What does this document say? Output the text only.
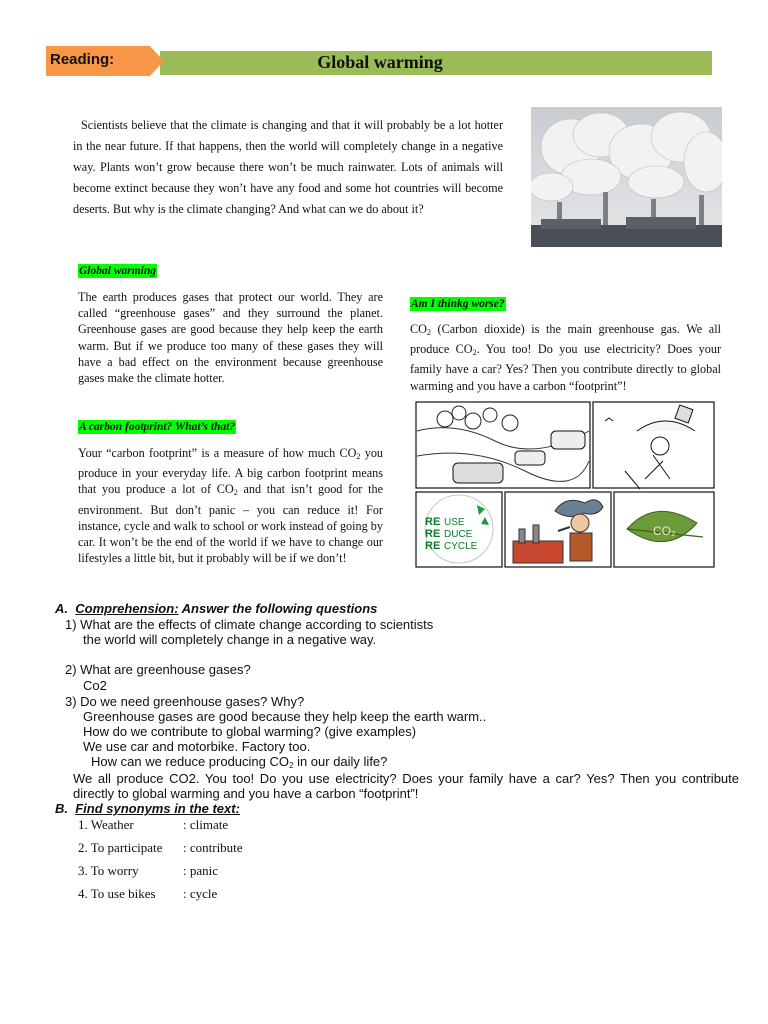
Reading:	Global warming
Scientists believe that the climate is changing and that it will probably be a lot hotter in the near future. If that happens, then the world will completely change in a negative way. Plants won’t grow because there won’t be much rainwater. Lots of animals will become extinct because they won’t have any food and some hot countries will become deserts. But why is the climate changing? And what can we do about it?
Global warming
The earth produces gases that protect our world. They are called “greenhouse gases” and they surround the planet. Greenhouse gases are good because they help keep the earth warm. But if we produce too many of these gases they will have a bad effect on the environment because greenhouse gases make the climate hotter.
Am I thinkg worse?
$CO_2$ (Carbon dioxide) is the main greenhouse gas. We all produce $CO_2$. You too! Do you use electricity? Does your family have a car? Yes? Then you contribute directly to global warming and you have a carbon “footprint”!
A carbon footprint? What’s that?
Your “carbon footprint” is a measure of how much $CO_2$ you produce in your everyday life. A big carbon footprint means that you produce a lot of $CO_2$ and that isn’t good for the environment. But don’t panic – you can reduce it! For instance, cycle and walk to school or work instead of going by car. It won’t be the end of the world if we have to change our lifestyles a little bit, but it probably will be if we don’t!
RE USE
RE DUCE
RE CYCLE
CO₂
A. Comprehension: Answer the following questions
1) What are the effects of climate change according to scientists
the world will completely change in a negative way.
2) What are greenhouse gases?
Co2
3) Do we need greenhouse gases? Why?
Greenhouse gases are good because they help keep the earth warm..
How do we contribute to global warming? (give examples)
We use car and motorbike. Factory too.
How can we reduce producing $CO_2$ in our daily life?
We all produce CO2. You too! Do you use electricity? Does your family have a car? Yes? Then you contribute
directly to global warming and you have a carbon “footprint”!
B. Find synonyms in the text:
1. Weather	: climate
2. To participate : contribute
3. To worry	: panic
4. To use bikes : cycle
